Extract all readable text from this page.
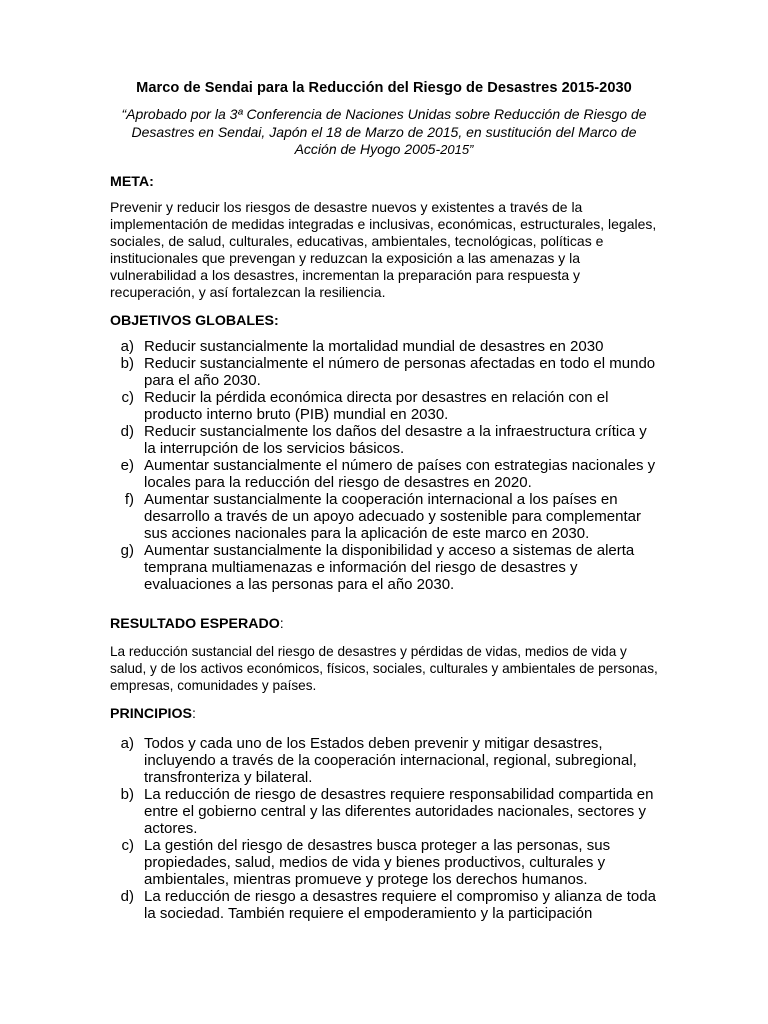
Marco de Sendai para la Reducción del Riesgo de Desastres 2015-2030
“Aprobado por la 3ª Conferencia de Naciones Unidas sobre Reducción de Riesgo de Desastres en Sendai, Japón el 18 de Marzo de 2015, en sustitución del Marco de Acción de Hyogo 2005-2015”
META:

Prevenir y reducir los riesgos de desastre nuevos y existentes a través de la implementación de medidas integradas e inclusivas, económicas, estructurales, legales, sociales, de salud, culturales, educativas, ambientales, tecnológicas, políticas e institucionales que prevengan y reduzcan la exposición a las amenazas y la vulnerabilidad a los desastres, incrementan la preparación para respuesta y recuperación, y así fortalezcan la resiliencia.

OBJETIVOS GLOBALES:
a) Reducir sustancialmente la mortalidad mundial de desastres en 2030
b) Reducir sustancialmente el número de personas afectadas en todo el mundo para el año 2030.
c) Reducir la pérdida económica directa por desastres en relación con el producto interno bruto (PIB) mundial en 2030.
d) Reducir sustancialmente los daños del desastre a la infraestructura crítica y la interrupción de los servicios básicos.
e) Aumentar sustancialmente el número de países con estrategias nacionales y locales para la reducción del riesgo de desastres en 2020.
f) Aumentar sustancialmente la cooperación internacional a los países en desarrollo a través de un apoyo adecuado y sostenible para complementar sus acciones nacionales para la aplicación de este marco en 2030.
g) Aumentar sustancialmente la disponibilidad y acceso a sistemas de alerta temprana multiamenazas e información del riesgo de desastres y evaluaciones a las personas para el año 2030.
RESULTADO ESPERADO:

La reducción sustancial del riesgo de desastres y pérdidas de vidas, medios de vida y salud, y de los activos económicos, físicos, sociales, culturales y ambientales de personas, empresas, comunidades y países.

PRINCIPIOS:
a) Todos y cada uno de los Estados deben prevenir y mitigar desastres, incluyendo a través de la cooperación internacional, regional, subregional, transfronteriza y bilateral.
b) La reducción de riesgo de desastres requiere responsabilidad compartida en entre el gobierno central y las diferentes autoridades nacionales, sectores y actores.
c) La gestión del riesgo de desastres busca proteger a las personas, sus propiedades, salud, medios de vida y bienes productivos, culturales y ambientales, mientras promueve y protege los derechos humanos.
d) La reducción de riesgo a desastres requiere el compromiso y alianza de toda la sociedad. También requiere el empoderamiento y la participación
